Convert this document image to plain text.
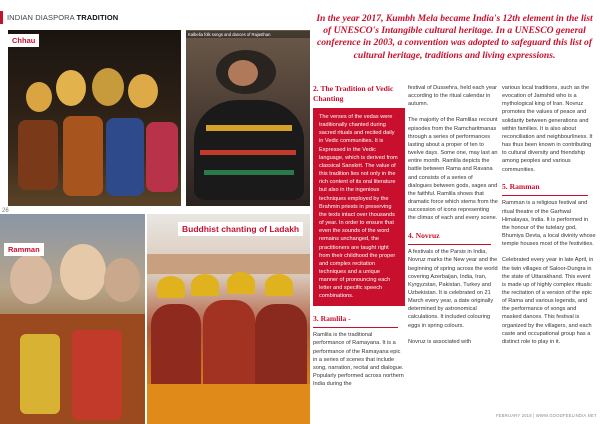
INDIAN DIASPORA TRADITION
Chhau
Kalbelia folk songs and dances of Rajasthan
26
Ramman
Buddhist chanting of Ladakh
In the year 2017, Kumbh Mela became India's 12th element in the list of UNESCO's Intangible cultural heritage. In a UNESCO general conference in 2003, a convention was adopted to safeguard this list of cultural heritage, traditions and living expressions.
2. The Tradition of Vedic Chanting
The verses of the vedas were traditionally chanted during sacred rituals and recited daily in Vedic communities. It is Expressed in the Vedic language, which is derived from classical Sanskrit. The value of this tradition lies not only in the rich content of its oral literature but also in the ingenious techniques employed by the Brahmin priests in preserving the texts intact over thousands of year. In order to ensure that even the sounds of the word remains unchanged, the practitioners are taught right from their childhood the proper and complex recitation techniques and a unique manner of pronouncing each letter and specific speech combinations.
3. Ramlila -
Ramlila is the traditional performance of Ramayana. It is a performance of the Ramayana epic in a series of scenes that include song, narration, recital and dialogue. Popularly performed across northern India during the
festival of Dussehra, held each year according to the ritual calendar in autumn.
The majority of the Ramlilas recount episodes from the Ramcharitmanas through a series of performances lasting about a proper of ten to twelve days. Some one, may last an entire month. Ramlila depicts the battle between Rama and Ravana and consists of a series of dialogues between gods, sages and the faithful. Ramlila shows that dramatic force which stems from the succession of icons representing the climax of each and every scene.
4. Novruz
A festivals of the Parsis in India, Novruz marks the New year and the beginning of spring across the world covering Azerbaijan, India, Iran, Kyrgyzstan, Pakistan, Turkey and Uzbekistan. It is celebrated on 21 March every year, a date originally determined by astronomical calculations. It included colouring eggs in spring colours.
Novruz is associated with
various local traditions, such as the evocation of Jamshid who is a mythological king of Iran. Novruz promotes the values of peace and solidarity between generations and within families. It is also about reconciliation and neighbourliness. It has thus been known in contributing to cultural diversity and friendship among peoples and various communities.
5. Ramman
Ramman is a religious festival and ritual theatre of the Garhwal Himalayas, India. It is performed in the honour of the tutelary god, Bhumiya Devta, a local divinity whose temple houses most of the festivities.
Celebrated every year in late April, in the twin villages of Saloor-Dungra in the state of Uttarakhand. This event is made up of highly complex rituals: the recitation of a version of the epic of Rama and various legends, and the performance of songs and masked dances. This festival is organized by the villagers, and each caste and occupational group has a distinct role to play in it.
FEBRUARY 2018 | WWW.GOODFEELINDIA.NET
